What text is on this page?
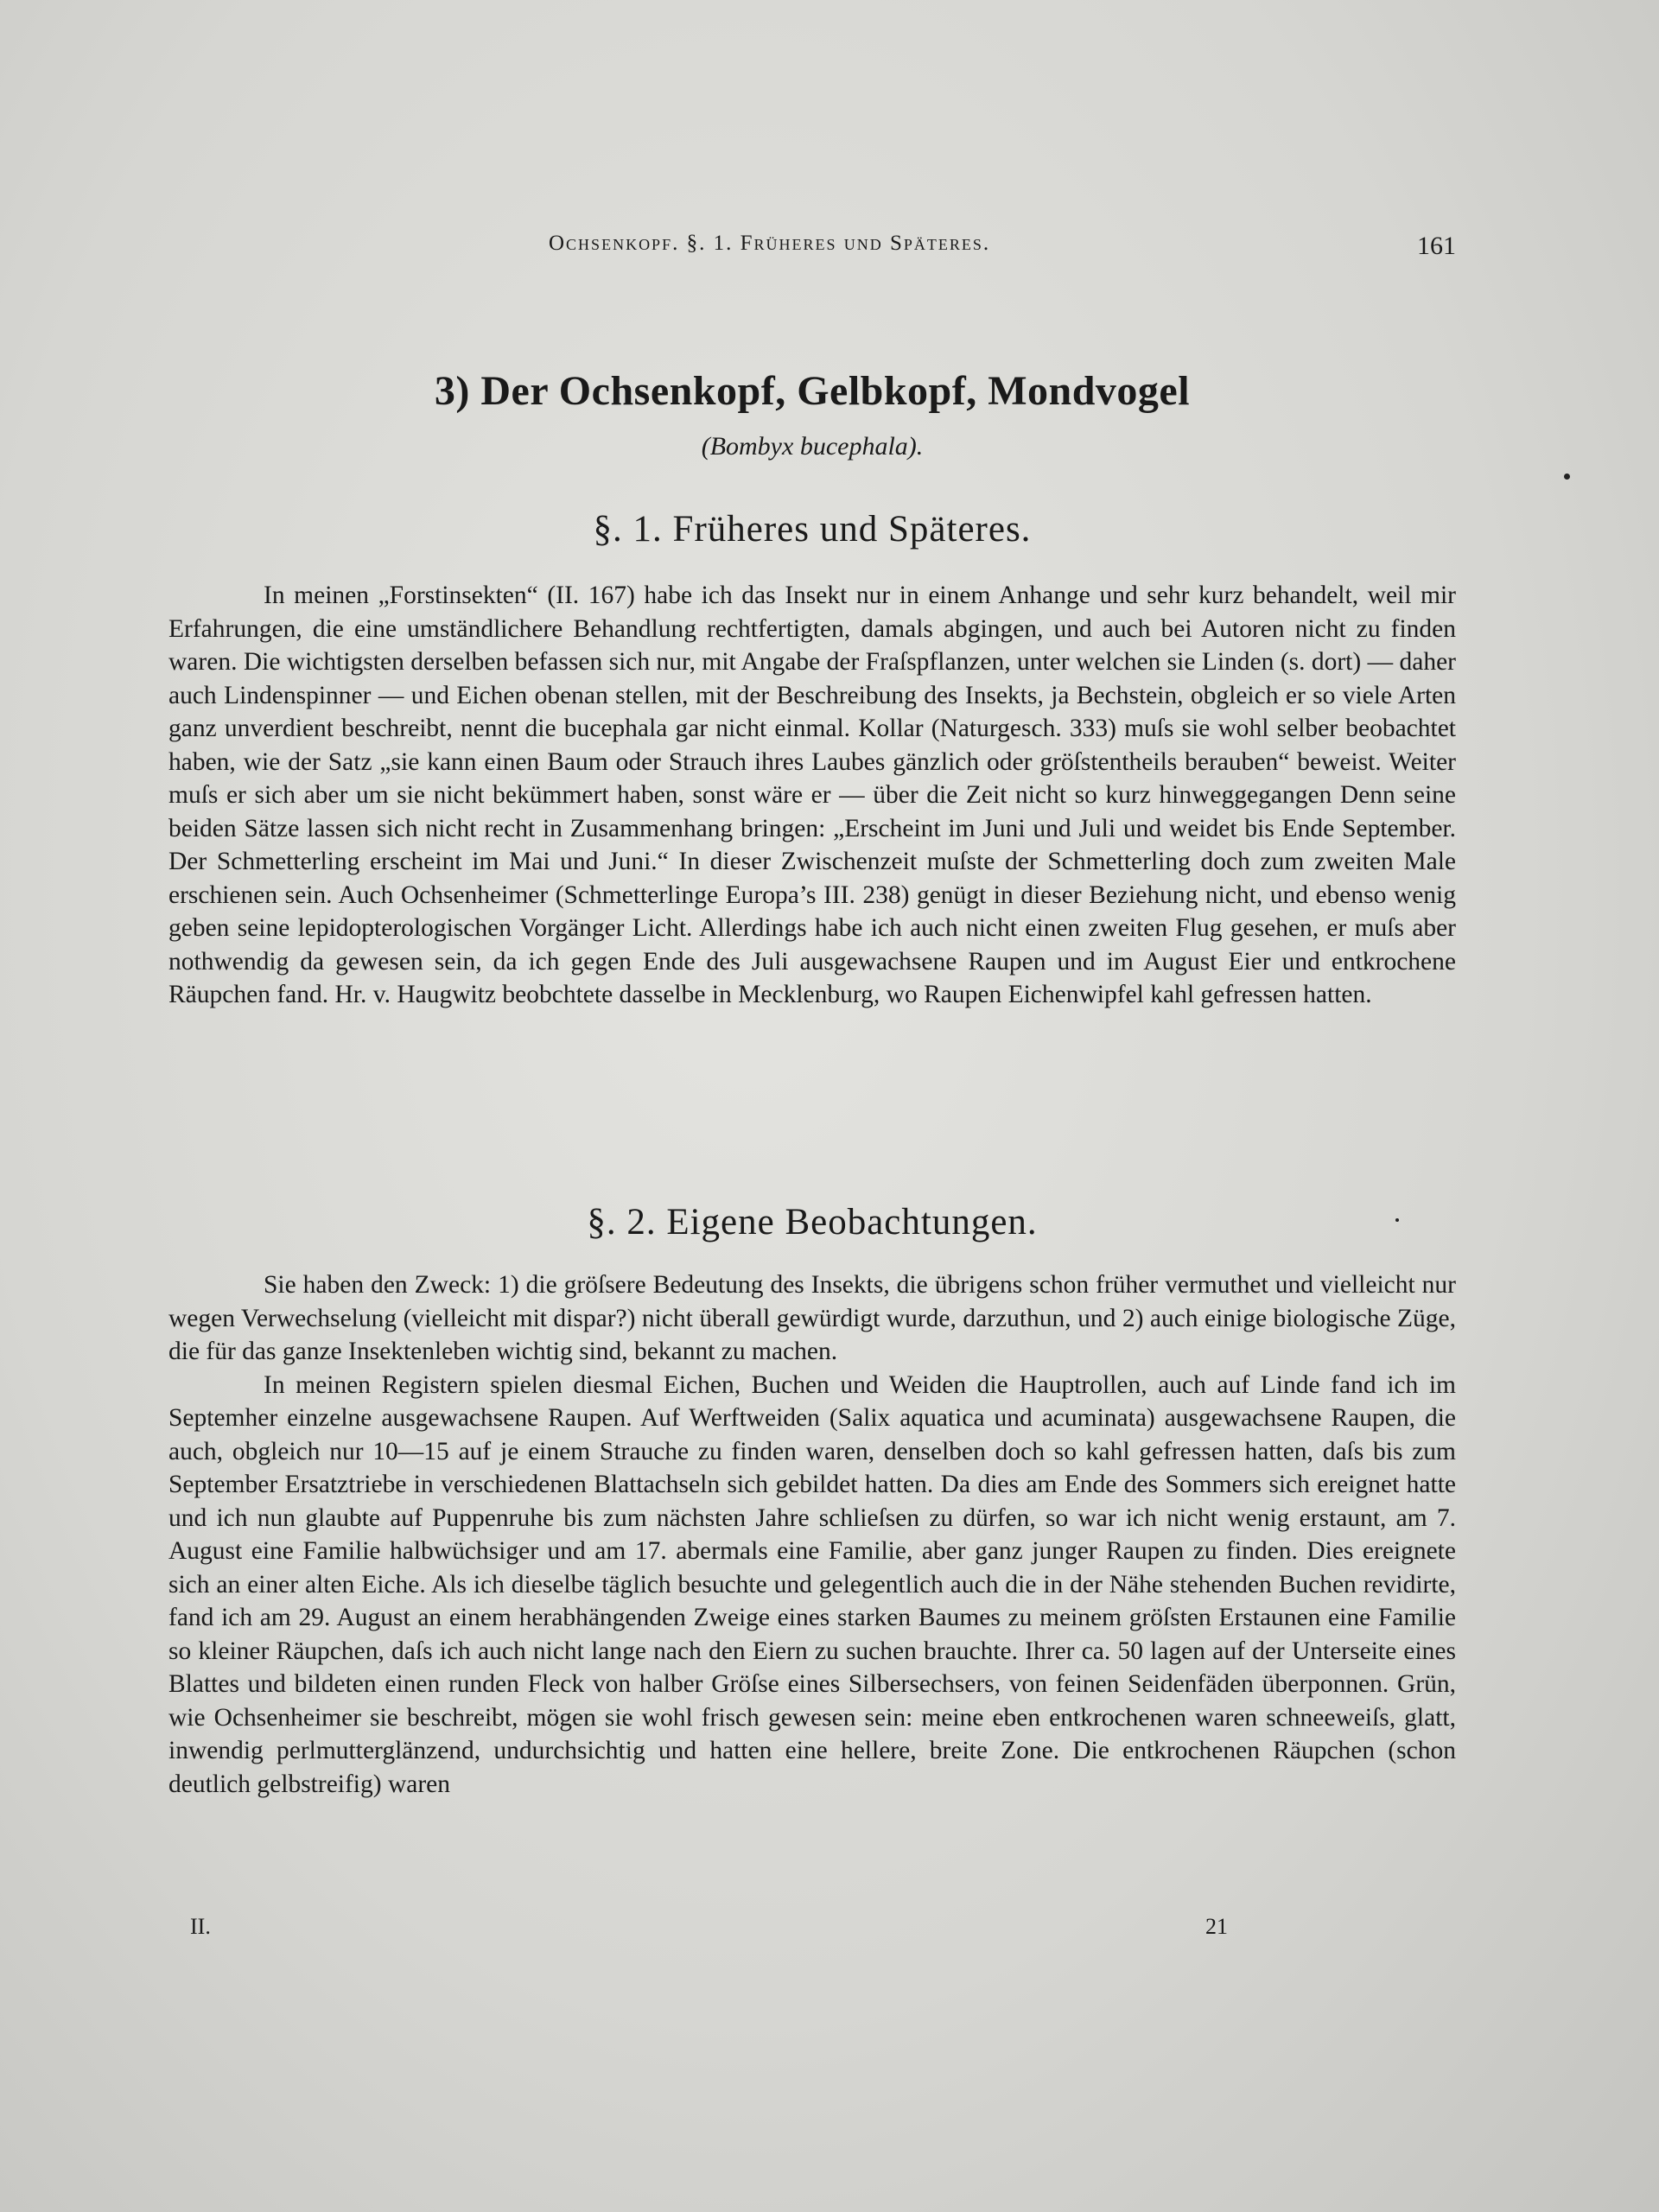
Ochsenkopf. §. 1. Früheres und Späteres.	161
3) Der Ochsenkopf, Gelbkopf, Mondvogel
(Bombyx bucephala).
§. 1. Früheres und Späteres.

In meinen „Forstinsekten“ (II. 167) habe ich das Insekt nur in einem Anhange und sehr kurz behandelt, weil mir Erfahrungen, die eine umständlichere Behandlung rechtfertigten, damals abgingen, und auch bei Autoren nicht zu finden waren. Die wichtigsten derselben befassen sich nur, mit Angabe der Fraſspflanzen, unter welchen sie Linden (s. dort) — daher auch Lindenspinner — und Eichen obenan stellen, mit der Beschreibung des Insekts, ja Bechstein, obgleich er so viele Arten ganz unverdient beschreibt, nennt die bucephala gar nicht einmal. Kollar (Naturgesch. 333) muſs sie wohl selber beobachtet haben, wie der Satz „sie kann einen Baum oder Strauch ihres Laubes gänzlich oder gröſstentheils berauben“ beweist. Weiter muſs er sich aber um sie nicht bekümmert haben, sonst wäre er — über die Zeit nicht so kurz hinweggegangen Denn seine beiden Sätze lassen sich nicht recht in Zusammenhang bringen: „Erscheint im Juni und Juli und weidet bis Ende September. Der Schmetterling erscheint im Mai und Juni.“ In dieser Zwischenzeit muſste der Schmetterling doch zum zweiten Male erschienen sein. Auch Ochsenheimer (Schmetterlinge Europa’s III. 238) genügt in dieser Beziehung nicht, und ebenso wenig geben seine lepidopterologischen Vorgänger Licht. Allerdings habe ich auch nicht einen zweiten Flug gesehen, er muſs aber nothwendig da gewesen sein, da ich gegen Ende des Juli ausgewachsene Raupen und im August Eier und entkrochene Räupchen fand. Hr. v. Haugwitz beobchtete dasselbe in Mecklenburg, wo Raupen Eichenwipfel kahl gefressen hatten.

§. 2. Eigene Beobachtungen.

Sie haben den Zweck: 1) die gröſsere Bedeutung des Insekts, die übrigens schon früher vermuthet und vielleicht nur wegen Verwechselung (vielleicht mit dispar?) nicht überall gewürdigt wurde, darzuthun, und 2) auch einige biologische Züge, die für das ganze Insektenleben wichtig sind, bekannt zu machen.

In meinen Registern spielen diesmal Eichen, Buchen und Weiden die Hauptrollen, auch auf Linde fand ich im Septemher einzelne ausgewachsene Raupen. Auf Werftweiden (Salix aquatica und acuminata) ausgewachsene Raupen, die auch, obgleich nur 10—15 auf je einem Strauche zu finden waren, denselben doch so kahl gefressen hatten, daſs bis zum September Ersatztriebe in verschiedenen Blattachseln sich gebildet hatten. Da dies am Ende des Sommers sich ereignet hatte und ich nun glaubte auf Puppenruhe bis zum nächsten Jahre schlieſsen zu dürfen, so war ich nicht wenig erstaunt, am 7. August eine Familie halbwüchsiger und am 17. abermals eine Familie, aber ganz junger Raupen zu finden. Dies ereignete sich an einer alten Eiche. Als ich dieselbe täglich besuchte und gelegentlich auch die in der Nähe stehenden Buchen revidirte, fand ich am 29. August an einem herabhängenden Zweige eines starken Baumes zu meinem gröſsten Erstaunen eine Familie so kleiner Räupchen, daſs ich auch nicht lange nach den Eiern zu suchen brauchte. Ihrer ca. 50 lagen auf der Unterseite eines Blattes und bildeten einen runden Fleck von halber Gröſse eines Silbersechsers, von feinen Seidenfäden überponnen. Grün, wie Ochsenheimer sie beschreibt, mögen sie wohl frisch gewesen sein: meine eben entkrochenen waren schneeweiſs, glatt, inwendig perlmutterglänzend, undurchsichtig und hatten eine hellere, breite Zone. Die entkrochenen Räupchen (schon deutlich gelbstreifig) waren

II.	21
